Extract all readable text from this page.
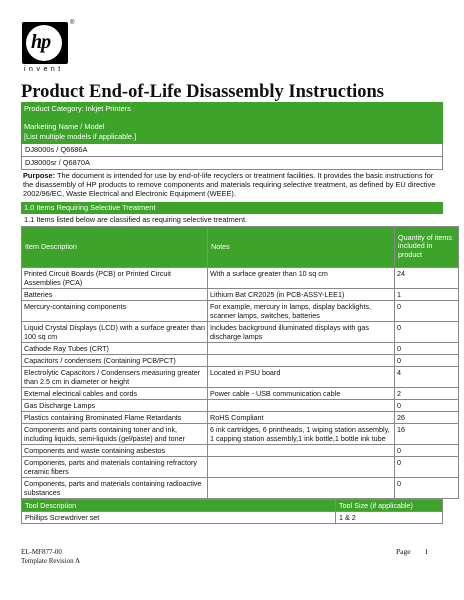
hp
®
invent
Product End-of-Life Disassembly Instructions
Product Category: Inkjet Printers
Marketing Name / Model
[List multiple models if applicable.]
DJ8000s / Q6686A
DJ8000sr / Q6870A
Purpose: The document is intended for use by end-of-life recyclers or treatment facilities. It provides the basic instructions for the disassembly of HP products to remove components and materials requiring selective treatment, as defined by EU directive 2002/96/EC, Waste Electrical and Electronic Equipment (WEEE).
1.0 Items Requiring Selective Treatment
1.1 Items listed below are classified as requiring selective treatment.
Item Description	Notes	Quantity of items included in product
Printed Circuit Boards (PCB) or Printed Circuit Assemblies (PCA)	With a surface greater than 10 sq cm	24
Batteries	Lithium Bat CR2025 (in PCB-ASSY-LEE1)	1
Mercury-containing components	For example, mercury in lamps, display backlights, scanner lamps, switches, batteries	0
Liquid Crystal Displays (LCD) with a surface greater than 100 sq cm	Includes background illuminated displays with gas discharge lamps	0
Cathode Ray Tubes (CRT)		0
Capacitors / condensers (Containing PCB/PCT)		0
Electrolytic Capacitors / Condensers measuring greater than 2.5 cm in diameter or height	Located in PSU board	4
External electrical cables and cords	Power cable - USB communication cable	2
Gas Discharge Lamps		0
Plastics containing Brominated Flame Retardants	RoHS Compliant	26
Components and parts containing toner and ink, including liquids, semi-liquids (gel/paste) and toner	6 ink cartridges, 6 printheads, 1 wiping station assembly, 1 capping station assembly,1 ink bottle,1 bottle ink tube	16
Components and waste containing asbestos		0
Components, parts and materials containing refractory ceramic fibers		0
Components, parts and materials containing radioactive substances		0
Tool Description	Tool Size (if applicable)
Phillips Screwdriver set	1 & 2
EL-MF877-00
Template Revision A
Page 1
